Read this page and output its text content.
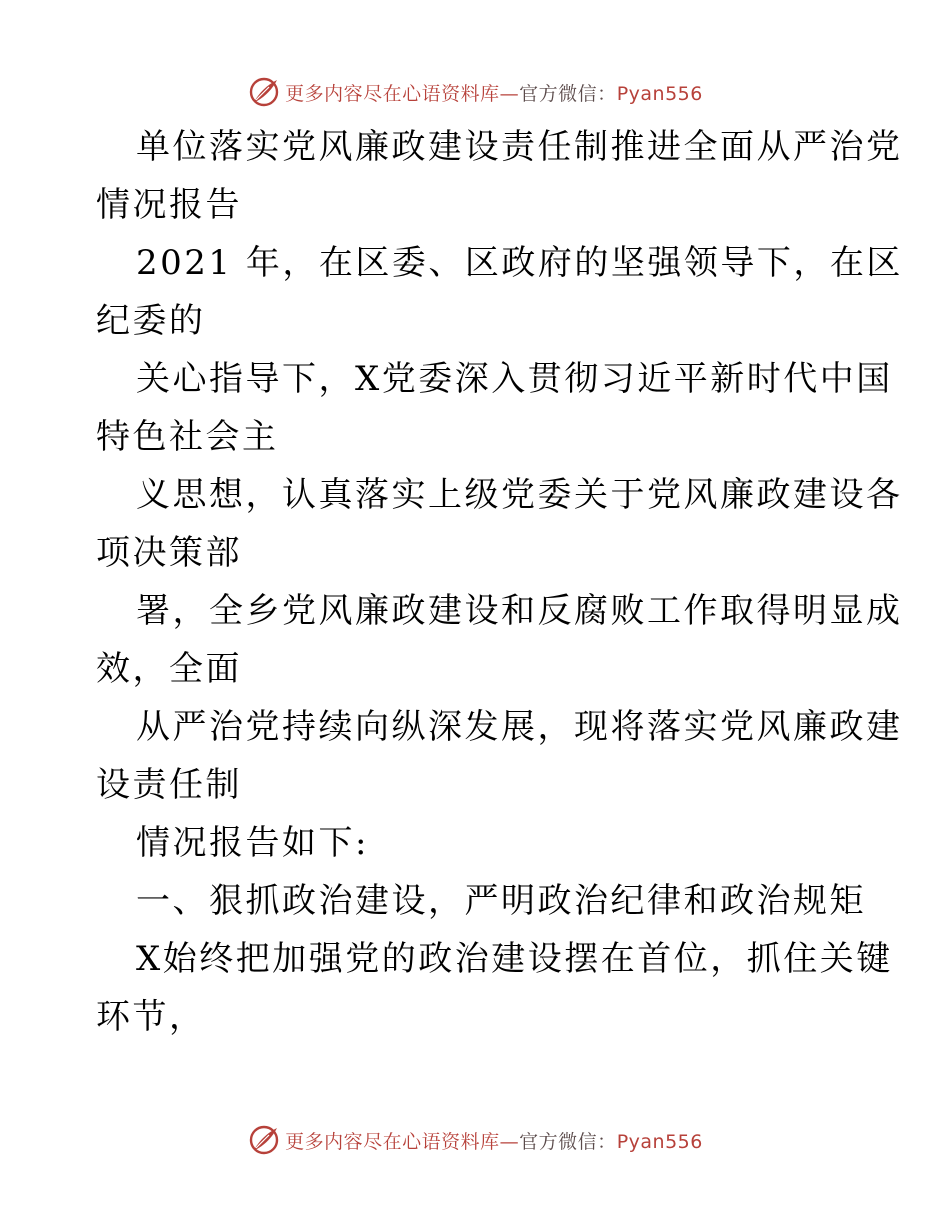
更多内容尽在心语资料库—官方微信：Pyan556
单位落实党风廉政建设责任制推进全面从严治党
情况报告
2021 年，在区委、区政府的坚强领导下，在区
纪委的
关心指导下，X党委深入贯彻习近平新时代中国
特色社会主
义思想，认真落实上级党委关于党风廉政建设各
项决策部
署，全乡党风廉政建设和反腐败工作取得明显成
效，全面
从严治党持续向纵深发展，现将落实党风廉政建
设责任制
情况报告如下:
一、狠抓政治建设，严明政治纪律和政治规矩
X始终把加强党的政治建设摆在首位，抓住关键
环节，
更多内容尽在心语资料库—官方微信：Pyan556
